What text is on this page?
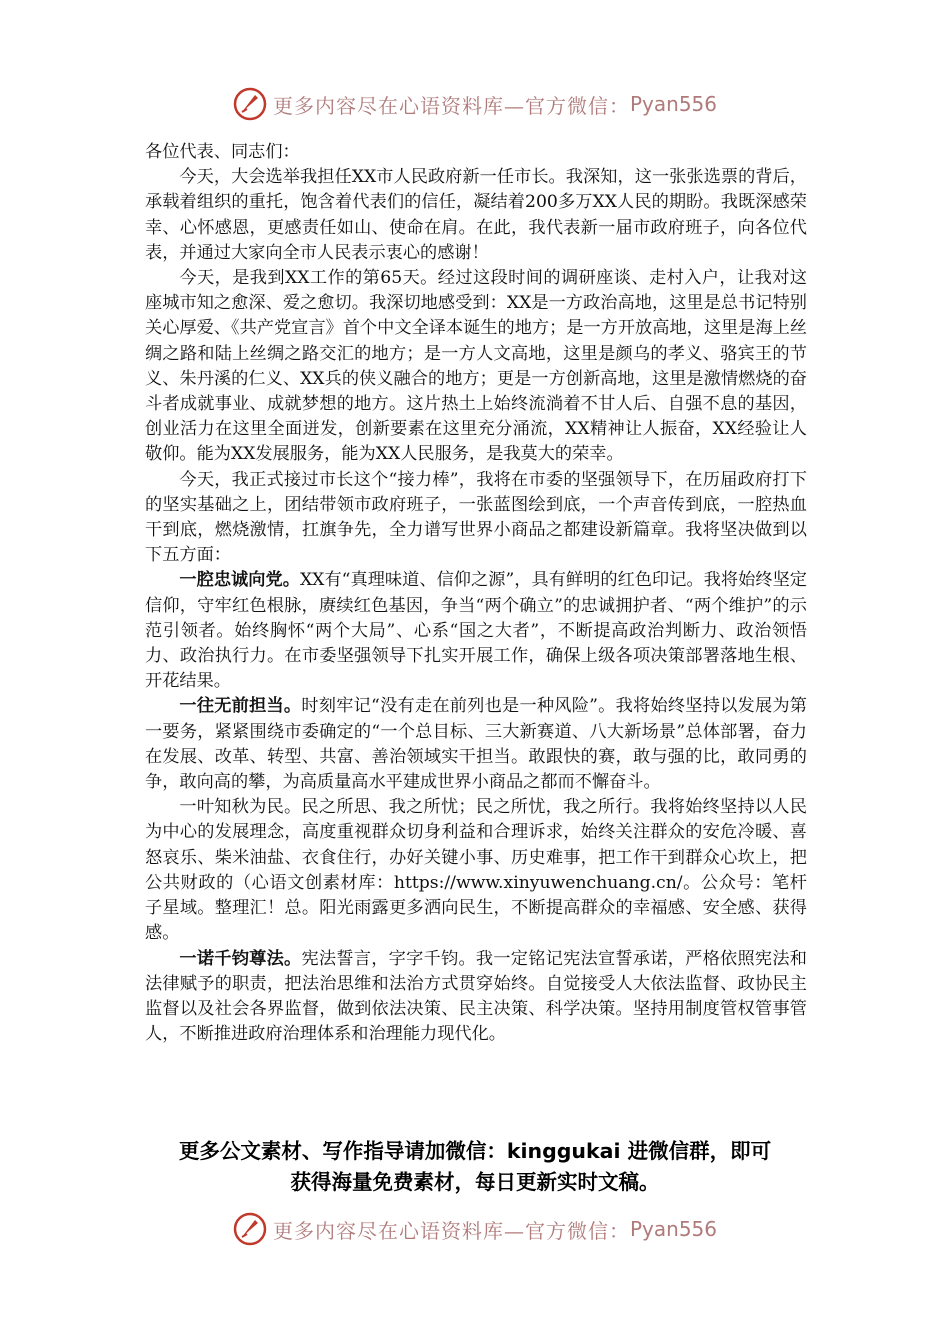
更多内容尽在心语资料库—官方微信： Pyan556

各位代表、同志们：

今天，大会选举我担任XX市人民政府新一任市长。我深知，这一张张选票的背后，承载着组织的重托，饱含着代表们的信任，凝结着200多万XX人民的期盼。我既深感荣幸、心怀感恩，更感责任如山、使命在肩。在此，我代表新一届市政府班子，向各位代表，并通过大家向全市人民表示衷心的感谢！

今天，是我到XX工作的第65天。经过这段时间的调研座谈、走村入户，让我对这座城市知之愈深、爱之愈切。我深切地感受到：XX是一方政治高地，这里是总书记特别关心厚爱、《共产党宣言》首个中文全译本诞生的地方；是一方开放高地，这里是海上丝绸之路和陆上丝绸之路交汇的地方；是一方人文高地，这里是颜乌的孝义、骆宾王的节义、朱丹溪的仁义、XX兵的侠义融合的地方；更是一方创新高地，这里是激情燃烧的奋斗者成就事业、成就梦想的地方。这片热土上始终流淌着不甘人后、自强不息的基因，创业活力在这里全面迸发，创新要素在这里充分涌流，XX精神让人振奋，XX经验让人敬仰。能为XX发展服务，能为XX人民服务，是我莫大的荣幸。

今天，我正式接过市长这个“接力棒”，我将在市委的坚强领导下，在历届政府打下的坚实基础之上，团结带领市政府班子，一张蓝图绘到底，一个声音传到底，一腔热血干到底，燃烧激情，扛旗争先，全力谱写世界小商品之都建设新篇章。我将坚决做到以下五方面：

一腔忠诚向党。XX有“真理味道、信仰之源”，具有鲜明的红色印记。我将始终坚定信仰，守牢红色根脉，赓续红色基因，争当“两个确立”的忠诚拥护者、“两个维护”的示范引领者。始终胸怀“两个大局”、心系“国之大者”，不断提高政治判断力、政治领悟力、政治执行力。在市委坚强领导下扎实开展工作，确保上级各项决策部署落地生根、开花结果。

一往无前担当。时刻牢记“没有走在前列也是一种风险”。我将始终坚持以发展为第一要务，紧紧围绕市委确定的“一个总目标、三大新赛道、八大新场景”总体部署，奋力在发展、改革、转型、共富、善治领域实干担当。敢跟快的赛，敢与强的比，敢同勇的争，敢向高的攀，为高质量高水平建成世界小商品之都而不懈奋斗。

一叶知秋为民。民之所思、我之所忧；民之所忧，我之所行。我将始终坚持以人民为中心的发展理念，高度重视群众切身利益和合理诉求，始终关注群众的安危冷暖、喜怒哀乐、柴米油盐、衣食住行，办好关键小事、历史难事，把工作干到群众心坎上，把公共财政的（心语文创素材库：https://www.xinyuwenchuang.cn/。公众号：笔杆子星域。整理汇！总。阳光雨露更多洒向民生，不断提高群众的幸福感、安全感、获得感。

一诺千钧尊法。宪法誓言，字字千钧。我一定铭记宪法宣誓承诺，严格依照宪法和法律赋予的职责，把法治思维和法治方式贯穿始终。自觉接受人大依法监督、政协民主监督以及社会各界监督，做到依法决策、民主决策、科学决策。坚持用制度管权管事管人，不断推进政府治理体系和治理能力现代化。

更多公文素材、写作指导请加微信：kinggukai 进微信群，即可
获得海量免费素材，每日更新实时文稿。
更多内容尽在心语资料库—官方微信： Pyan556
